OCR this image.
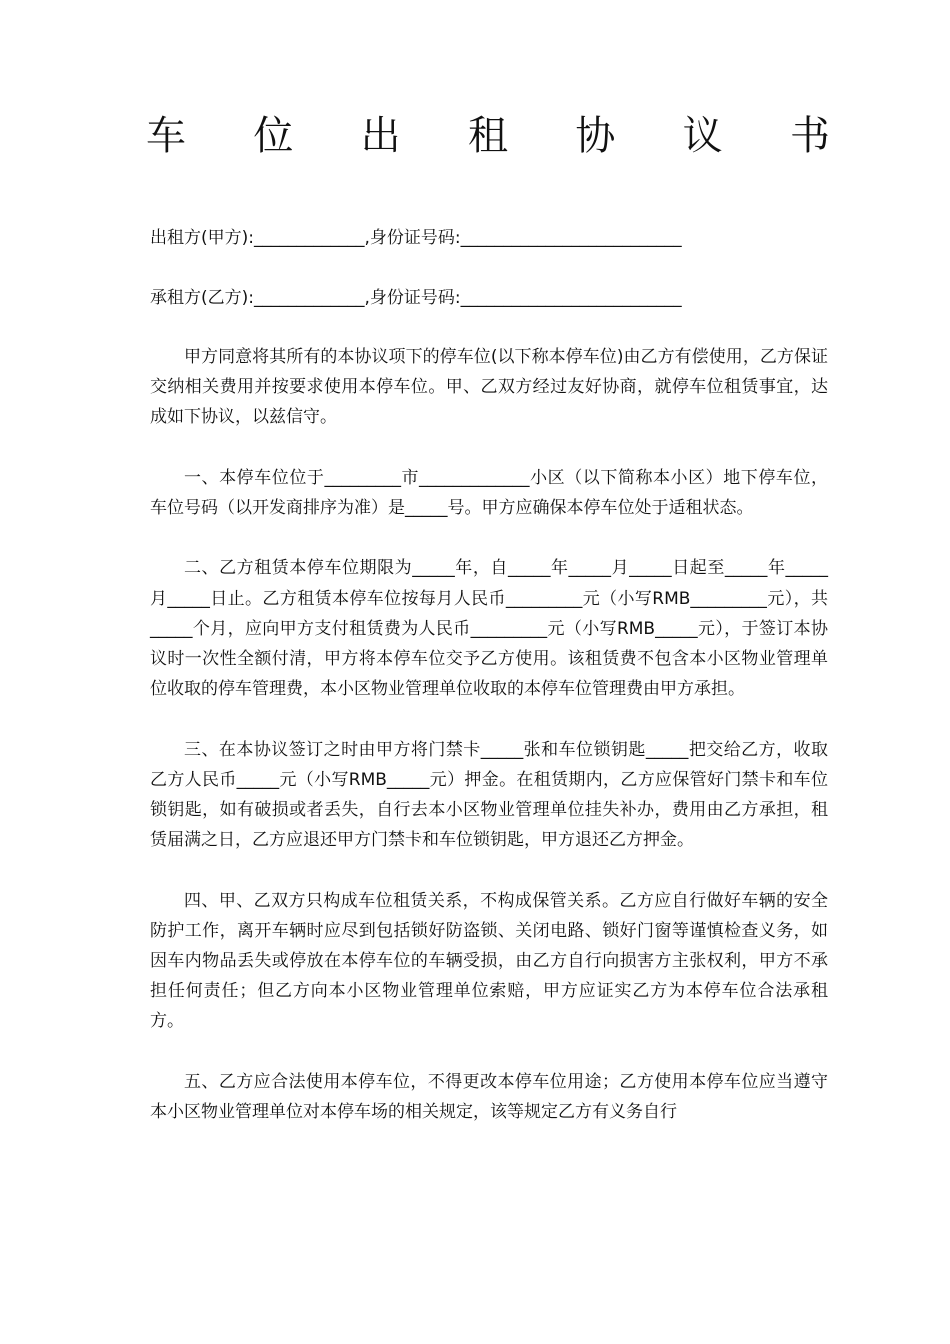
车 位 出 租 协 议 书
出租方(甲方):_____________,身份证号码:__________________________
承租方(乙方):_____________,身份证号码:__________________________

甲方同意将其所有的本协议项下的停车位(以下称本停车位)由乙方有偿使用，乙方保证交纳相关费用并按要求使用本停车位。甲、乙双方经过友好协商，就停车位租赁事宜，达成如下协议，以兹信守。

一、本停车位位于_________市_____________小区（以下简称本小区）地下停车位，车位号码（以开发商排序为准）是_____号。甲方应确保本停车位处于适租状态。

二、乙方租赁本停车位期限为_____年，自_____年_____月_____日起至_____年_____月_____日止。乙方租赁本停车位按每月人民币_________元（小写RMB_________元），共_____个月，应向甲方支付租赁费为人民币_________元（小写RMB_____元），于签订本协议时一次性全额付清，甲方将本停车位交予乙方使用。该租赁费不包含本小区物业管理单位收取的停车管理费，本小区物业管理单位收取的本停车位管理费由甲方承担。

三、在本协议签订之时由甲方将门禁卡_____张和车位锁钥匙_____把交给乙方，收取乙方人民币_____元（小写RMB_____元）押金。在租赁期内，乙方应保管好门禁卡和车位锁钥匙，如有破损或者丢失，自行去本小区物业管理单位挂失补办，费用由乙方承担，租赁届满之日，乙方应退还甲方门禁卡和车位锁钥匙，甲方退还乙方押金。

四、甲、乙双方只构成车位租赁关系，不构成保管关系。乙方应自行做好车辆的安全防护工作，离开车辆时应尽到包括锁好防盗锁、关闭电路、锁好门窗等谨慎检查义务，如因车内物品丢失或停放在本停车位的车辆受损，由乙方自行向损害方主张权利，甲方不承担任何责任；但乙方向本小区物业管理单位索赔，甲方应证实乙方为本停车位合法承租方。

五、乙方应合法使用本停车位，不得更改本停车位用途；乙方使用本停车位应当遵守本小区物业管理单位对本停车场的相关规定，该等规定乙方有义务自行
